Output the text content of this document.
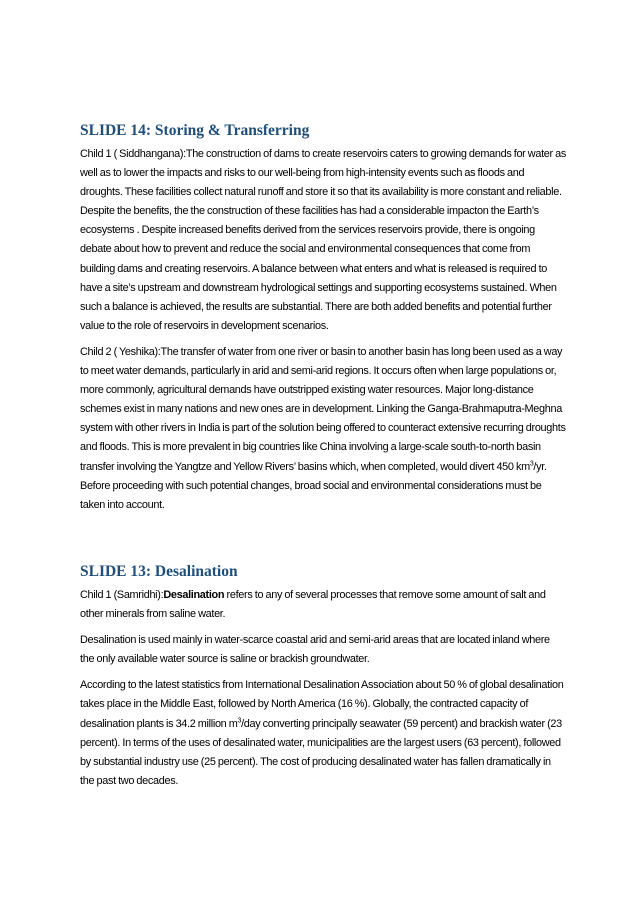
SLIDE 14: Storing & Transferring

Child 1 ( Siddhangana):The construction of dams to create reservoirs caters to growing demands for water as well as to lower the impacts and risks to our well-being from high-intensity events such as floods and droughts. These facilities collect natural runoff and store it so that its availability is more constant and reliable. Despite the benefits, the the construction of these facilities has had a considerable impacton the Earth’s ecosystems . Despite increased benefits derived from the services reservoirs provide, there is ongoing debate about how to prevent and reduce the social and environmental consequences that come from building dams and creating reservoirs. A balance between what enters and what is released is required to have a site’s upstream and downstream hydrological settings and supporting ecosystems sustained. When such a balance is achieved, the results are substantial. There are both added benefits and potential further value to the role of reservoirs in development scenarios.

Child 2 ( Yeshika):The transfer of water from one river or basin to another basin has long been used as a way to meet water demands, particularly in arid and semi-arid regions. It occurs often when large populations or, more commonly, agricultural demands have outstripped existing water resources. Major long-distance schemes exist in many nations and new ones are in development. Linking the Ganga-Brahmaputra-Meghna system with other rivers in India is part of the solution being offered to counteract extensive recurring droughts and floods. This is more prevalent in big countries like China involving a large-scale south-to-north basin transfer involving the Yangtze and Yellow Rivers’ basins which, when completed, would divert 450 $km^3/yr$. Before proceeding with such potential changes, broad social and environmental considerations must be taken into account.

SLIDE 13: Desalination

Child 1 (Samridhi):Desalination refers to any of several processes that remove some amount of salt and other minerals from saline water.

Desalination is used mainly in water-scarce coastal arid and semi-arid areas that are located inland where the only available water source is saline or brackish groundwater.

According to the latest statistics from International Desalination Association about 50 % of global desalination takes place in the Middle East, followed by North America (16 %). Globally, the contracted capacity of desalination plants is 34.2 million $m^3$/day converting principally seawater (59 percent) and brackish water (23 percent). In terms of the uses of desalinated water, municipalities are the largest users (63 percent), followed by substantial industry use (25 percent). The cost of producing desalinated water has fallen dramatically in the past two decades.
